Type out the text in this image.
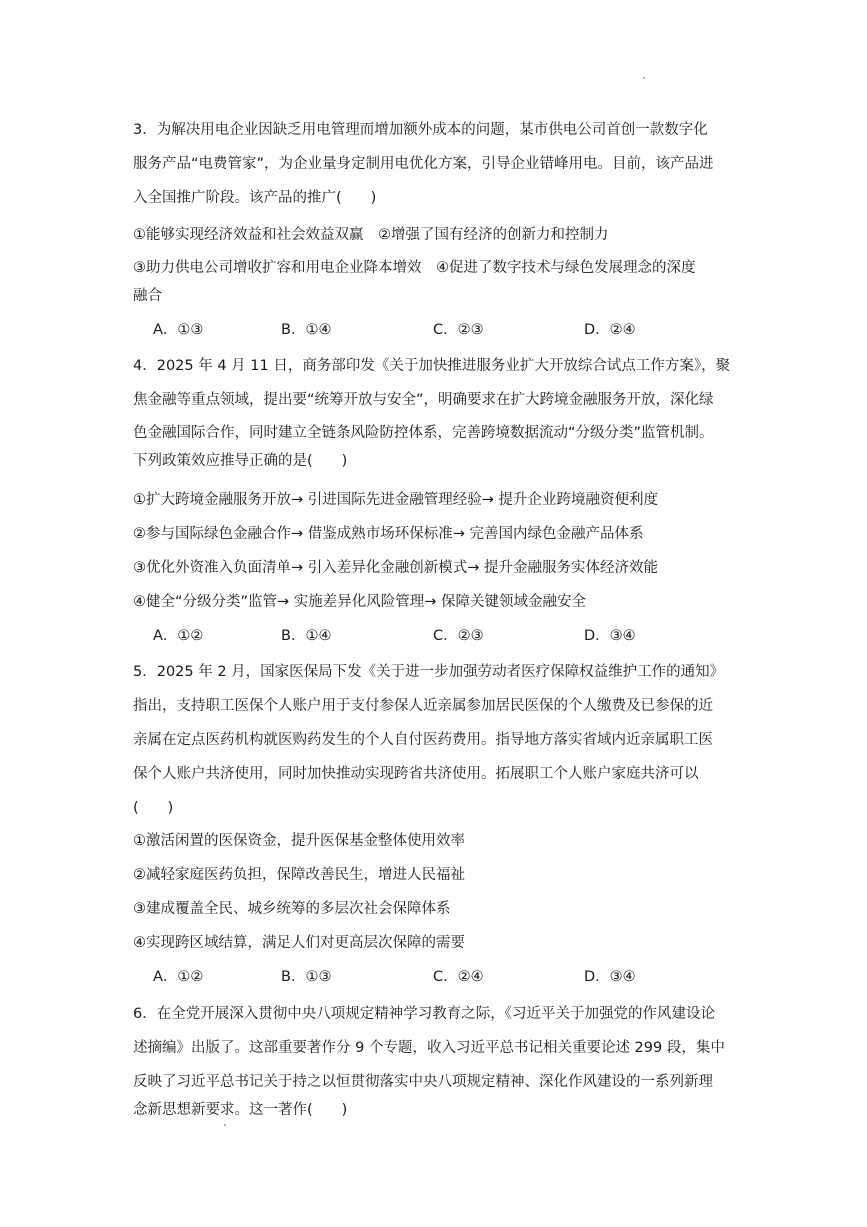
3．为解决用电企业因缺乏用电管理而增加额外成本的问题，某市供电公司首创一款数字化
服务产品“电费管家”，为企业量身定制用电优化方案，引导企业错峰用电。目前，该产品进
入全国推广阶段。该产品的推广(　　)
①能够实现经济效益和社会效益双赢　②增强了国有经济的创新力和控制力
③助力供电公司增收扩容和用电企业降本增效　④促进了数字技术与绿色发展理念的深度
融合
A．①③	B．①④	C．②③	D．②④
4．2025 年 4 月 11 日，商务部印发《关于加快推进服务业扩大开放综合试点工作方案》，聚
焦金融等重点领域，提出要“统筹开放与安全”，明确要求在扩大跨境金融服务开放，深化绿
色金融国际合作，同时建立全链条风险防控体系，完善跨境数据流动“分级分类”监管机制。
下列政策效应推导正确的是(　　)
①扩大跨境金融服务开放→ 引进国际先进金融管理经验→ 提升企业跨境融资便利度
②参与国际绿色金融合作→ 借鉴成熟市场环保标准→ 完善国内绿色金融产品体系
③优化外资准入负面清单→ 引入差异化金融创新模式→ 提升金融服务实体经济效能
④健全“分级分类”监管→ 实施差异化风险管理→ 保障关键领域金融安全
A．①②	B．①④	C．②③	D．③④
5．2025 年 2 月，国家医保局下发《关于进一步加强劳动者医疗保障权益维护工作的通知》
指出，支持职工医保个人账户用于支付参保人近亲属参加居民医保的个人缴费及已参保的近
亲属在定点医药机构就医购药发生的个人自付医药费用。指导地方落实省域内近亲属职工医
保个人账户共济使用，同时加快推动实现跨省共济使用。拓展职工个人账户家庭共济可以
(　　)
①激活闲置的医保资金，提升医保基金整体使用效率
②减轻家庭医药负担，保障改善民生，增进人民福祉
③建成覆盖全民、城乡统筹的多层次社会保障体系
④实现跨区域结算，满足人们对更高层次保障的需要
A．①②	B．①③	C．②④	D．③④
6．在全党开展深入贯彻中央八项规定精神学习教育之际，《习近平关于加强党的作风建设论
述摘编》出版了。这部重要著作分 9 个专题，收入习近平总书记相关重要论述 299 段，集中
反映了习近平总书记关于持之以恒贯彻落实中央八项规定精神、深化作风建设的一系列新理
念新思想新要求。这一著作(　　)
